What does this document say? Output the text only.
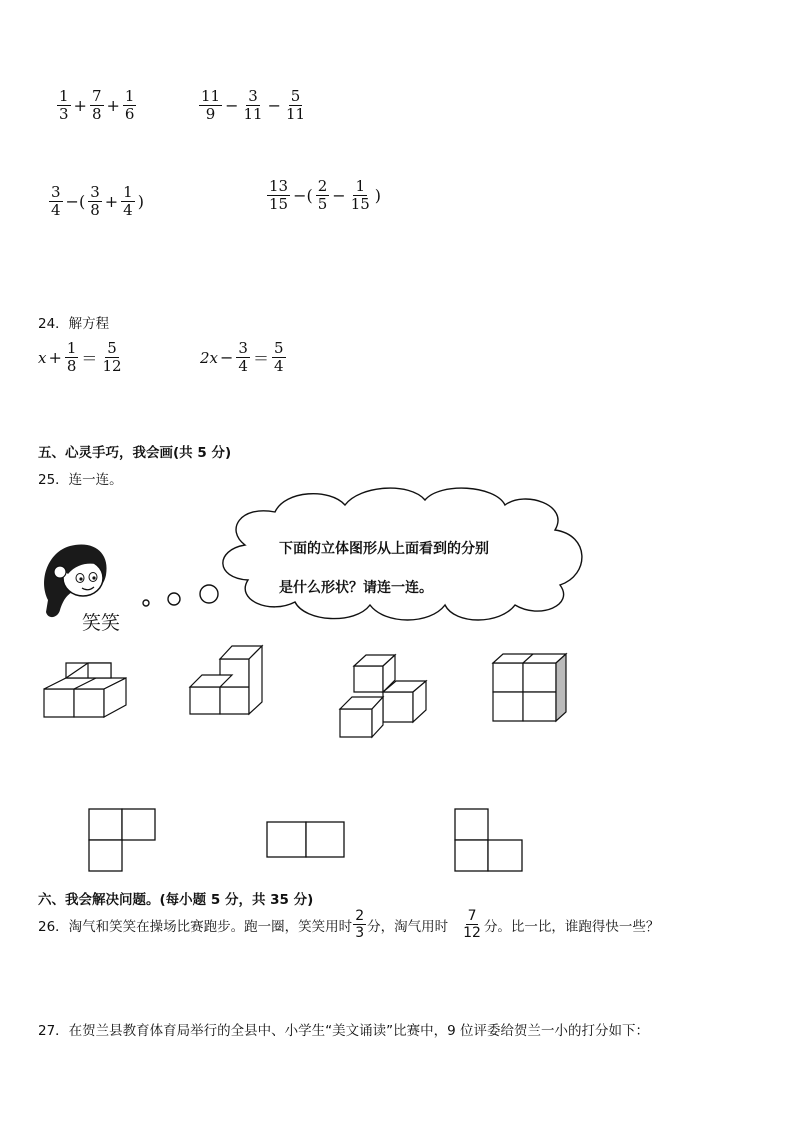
$\frac{1}{3} + \frac{7}{8} + \frac{1}{6}$	$\frac{11}{9} - \frac{3}{11} - \frac{5}{11}$
$\frac{3}{4}$ −( $\frac{3}{8} + \frac{1}{4}$ )	$\frac{13}{15}$ −( $\frac{2}{5} - \frac{1}{15}$ )
24．解方程
$x + \frac{1}{8} = \frac{5}{12}$	$2x - \frac{3}{4} = \frac{5}{4}$
五、心灵手巧，我会画(共 5 分)
25．连一连。
下面的立体图形从上面看到的分别
是什么形状？请连一连。
笑笑
六、我会解决问题。(每小题 5 分，共 35 分)
26．淘气和笑笑在操场比赛跑步。跑一圈，笑笑用时 $\frac{2}{3}$ 分，淘气用时 $\frac{7}{12}$ 分。比一比，谁跑得快一些？
27．在贺兰县教育体育局举行的全县中、小学生“美文诵读”比赛中，9 位评委给贺兰一小的打分如下：
